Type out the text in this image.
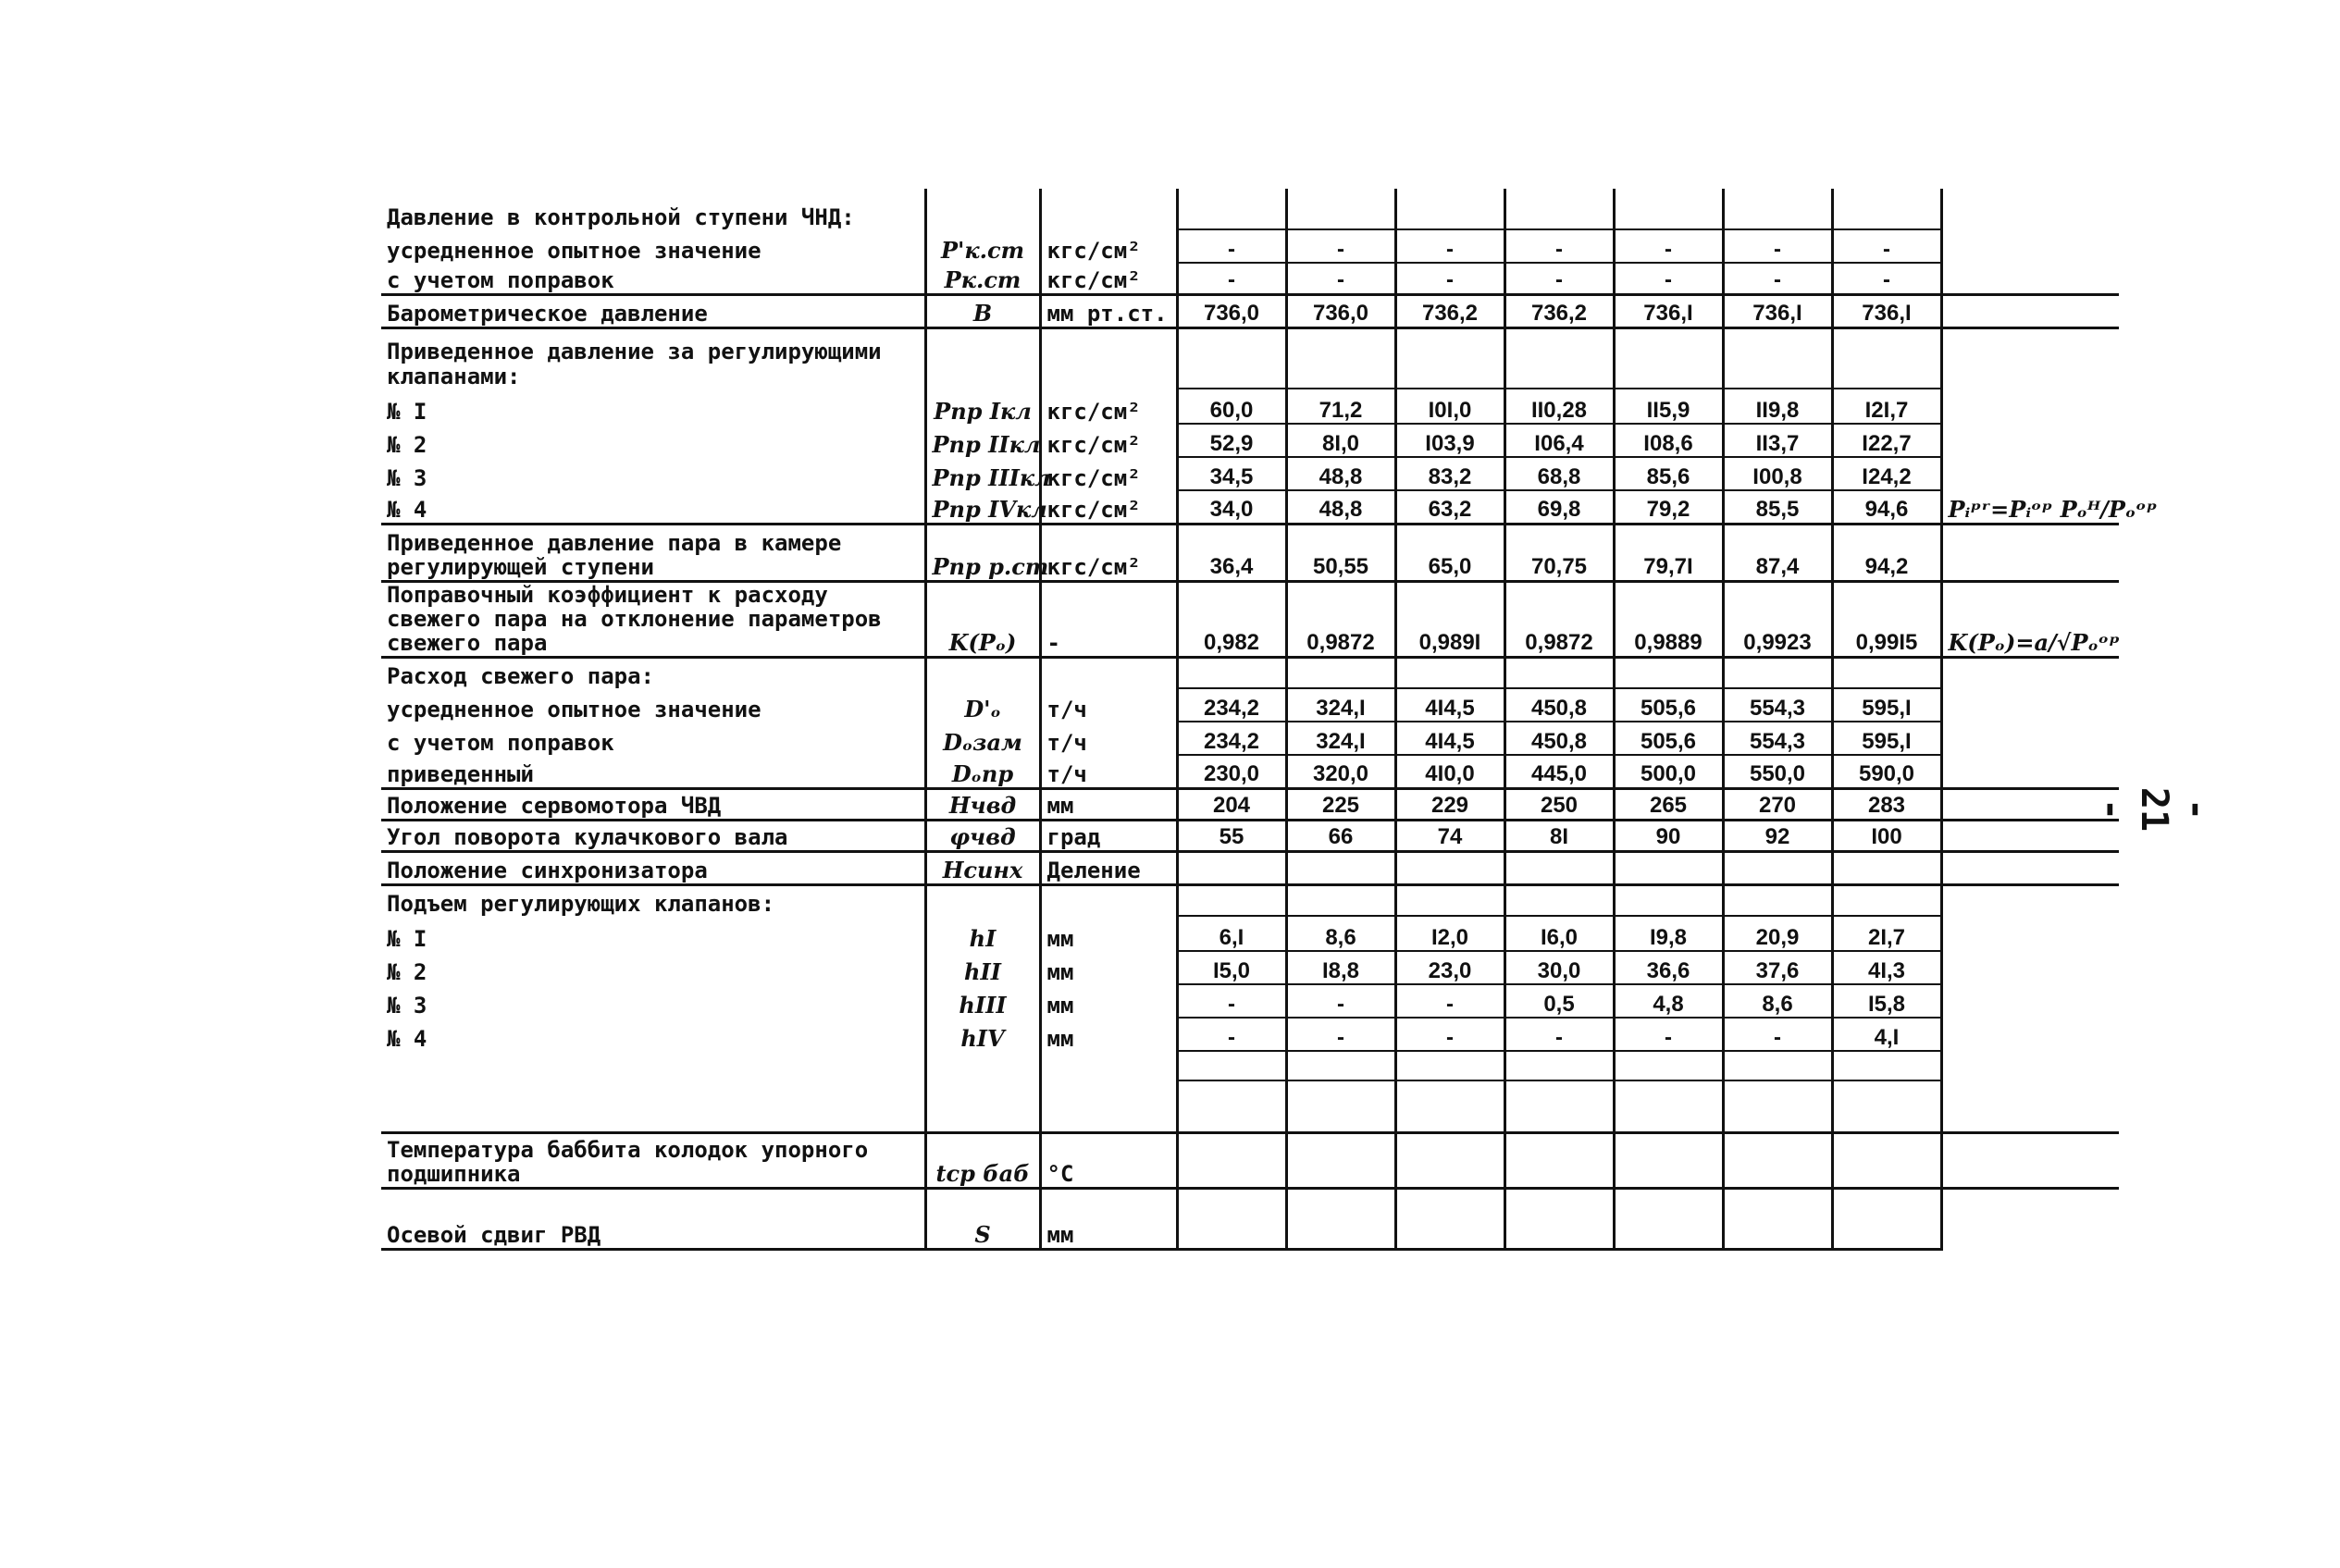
Давление в контрольной ступени ЧНД:										
усредненное опытное значение	P'к.ст	кгс/см²	-	-	-	-	-	-	-	
с учетом поправок	Pк.ст	кгс/см²	-	-	-	-	-	-	-	
Барометрическое давление	B	мм рт.ст.	736,0	736,0	736,2	736,2	736,I	736,I	736,I	
Приведенное давление за регулирующими клапанами:										
№ I	Pпр Iкл	кгс/см²	60,0	71,2	I0I,0	II0,28	II5,9	II9,8	I2I,7	Pᵢᵖʳ=Pᵢᵒᵖ Pₒᴴ/Pₒᵒᵖ
№ 2	Pпр IIкл	кгс/см²	52,9	8I,0	I03,9	I06,4	I08,6	II3,7	I22,7	
№ 3	Pпр IIIкл	кгс/см²	34,5	48,8	83,2	68,8	85,6	I00,8	I24,2	
№ 4	Pпр IVкл	кгс/см²	34,0	48,8	63,2	69,8	79,2	85,5	94,6	
Приведенное давление пара в камере регулирующей ступени	Pпр р.ст	кгс/см²	36,4	50,55	65,0	70,75	79,7I	87,4	94,2	
Поправочный коэффициент к расходу свежего пара на отклонение параметров свежего пара	K(Pₒ)	-	0,982	0,9872	0,989I	0,9872	0,9889	0,9923	0,99I5	K(Pₒ)=a/√Pₒᵒᵖ
Расход свежего пара:										
усредненное опытное значение	D'ₒ	т/ч	234,2	324,I	4I4,5	450,8	505,6	554,3	595,I	
с учетом поправок	Dₒзам	т/ч	234,2	324,I	4I4,5	450,8	505,6	554,3	595,I	
приведенный	Dₒпр	т/ч	230,0	320,0	4I0,0	445,0	500,0	550,0	590,0	
Положение сервомотора ЧВД	Hчвд	мм	204	225	229	250	265	270	283	
Угол поворота кулачкового вала	φчвд	град	55	66	74	8I	90	92	I00	
Положение синхронизатора	Hсинх	Деление								
Подъем регулирующих клапанов:										
№ I	hI	мм	6,I	8,6	I2,0	I6,0	I9,8	20,9	2I,7	
№ 2	hII	мм	I5,0	I8,8	23,0	30,0	36,6	37,6	4I,3	
№ 3	hIII	мм	-	-	-	0,5	4,8	8,6	I5,8	
№ 4	hIV	мм	-	-	-	-	-	-	4,I	

Температура баббита колодок упорного подшипника	tср баб	°C								
Осевой сдвиг РВД	S	мм								
- 21 -
